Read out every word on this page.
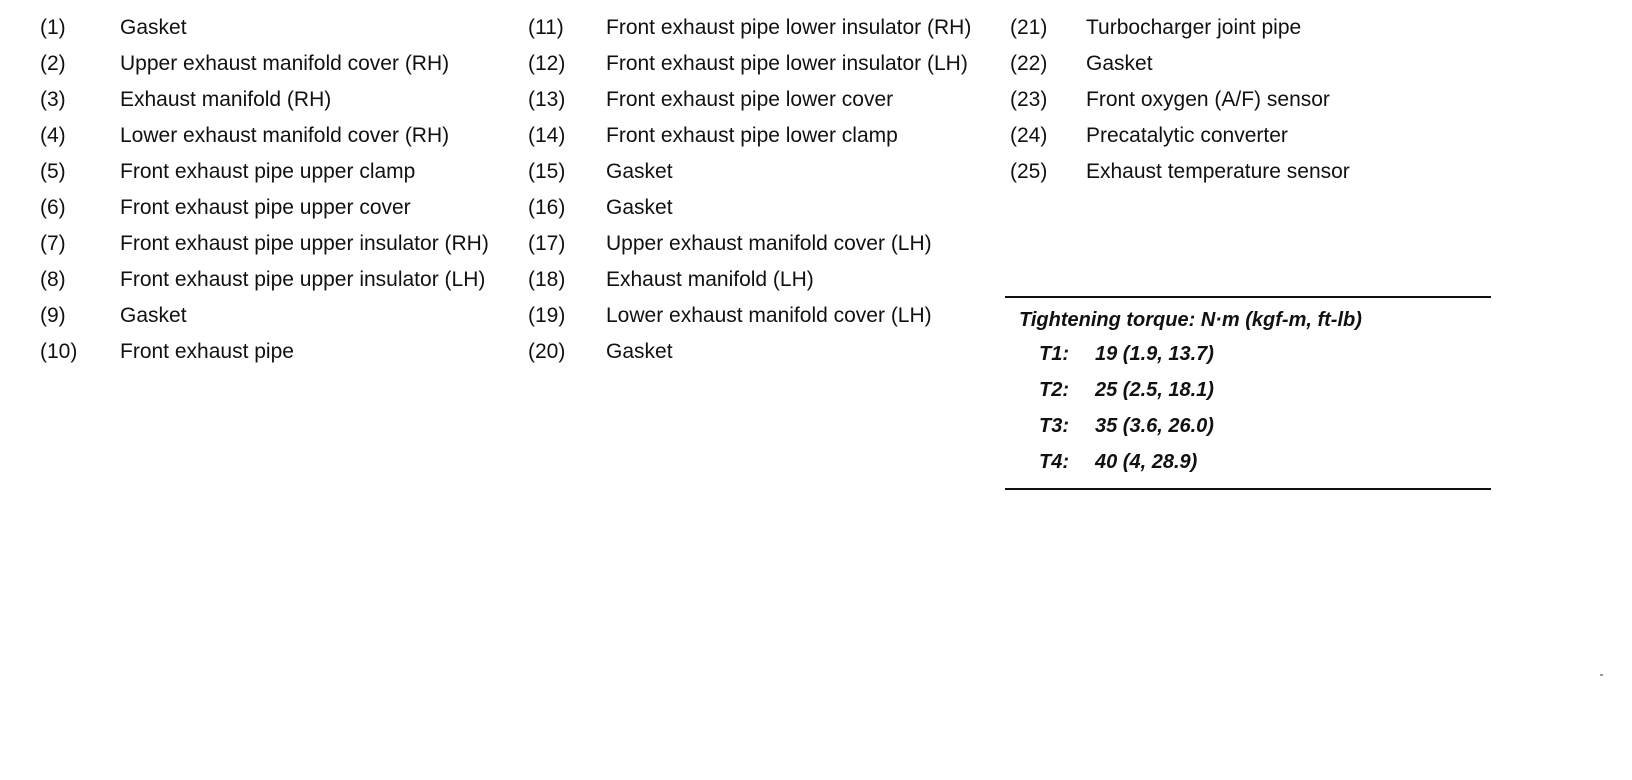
(1)	Gasket
(2)	Upper exhaust manifold cover (RH)
(3)	Exhaust manifold (RH)
(4)	Lower exhaust manifold cover (RH)
(5)	Front exhaust pipe upper clamp
(6)	Front exhaust pipe upper cover
(7)	Front exhaust pipe upper insulator (RH)
(8)	Front exhaust pipe upper insulator (LH)
(9)	Gasket
(10)	Front exhaust pipe
(11)	Front exhaust pipe lower insulator (RH)
(12)	Front exhaust pipe lower insulator (LH)
(13)	Front exhaust pipe lower cover
(14)	Front exhaust pipe lower clamp
(15)	Gasket
(16)	Gasket
(17)	Upper exhaust manifold cover (LH)
(18)	Exhaust manifold (LH)
(19)	Lower exhaust manifold cover (LH)
(20)	Gasket
(21)	Turbocharger joint pipe
(22)	Gasket
(23)	Front oxygen (A/F) sensor
(24)	Precatalytic converter
(25)	Exhaust temperature sensor
Tightening torque: N·m (kgf-m, ft-lb)
T1:	19 (1.9, 13.7)
T2:	25 (2.5, 18.1)
T3:	35 (3.6, 26.0)
T4:	40 (4, 28.9)
